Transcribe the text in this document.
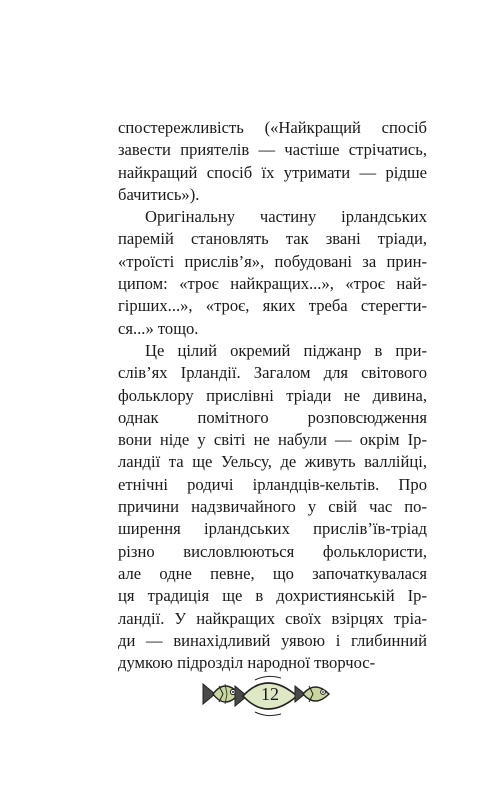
спостережливість («Найкращий спосіб
завести приятелів — частіше стрічатись,
найкращий спосіб їх утримати — рідше
бачитись»).

Оригінальну частину ірландських
паремій становлять так звані тріади,
«троїсті прислів’я», побудовані за прин-
ципом: «троє найкращих...», «троє най-
гірших...», «троє, яких треба стерегти-
ся...» тощо.

Це цілий окремий піджанр в при-
слів’ях Ірландії. Загалом для світового
фольклору прислівні тріади не дивина,
однак помітного розповсюдження
вони ніде у світі не набули — окрім Ір-
ландії та ще Уельсу, де живуть валлійці,
етнічні родичі ірландців-кельтів. Про
причини надзвичайного у свій час по-
ширення ірландських прислів’їв-тріад
різно висловлюються фольклористи,
але одне певне, що започаткувалася
ця традиція ще в дохристиянській Ір-
ландії. У найкращих своїх взірцях тріа-
ди — винахідливий уявою і глибинний
думкою підрозділ народної творчос-

12
